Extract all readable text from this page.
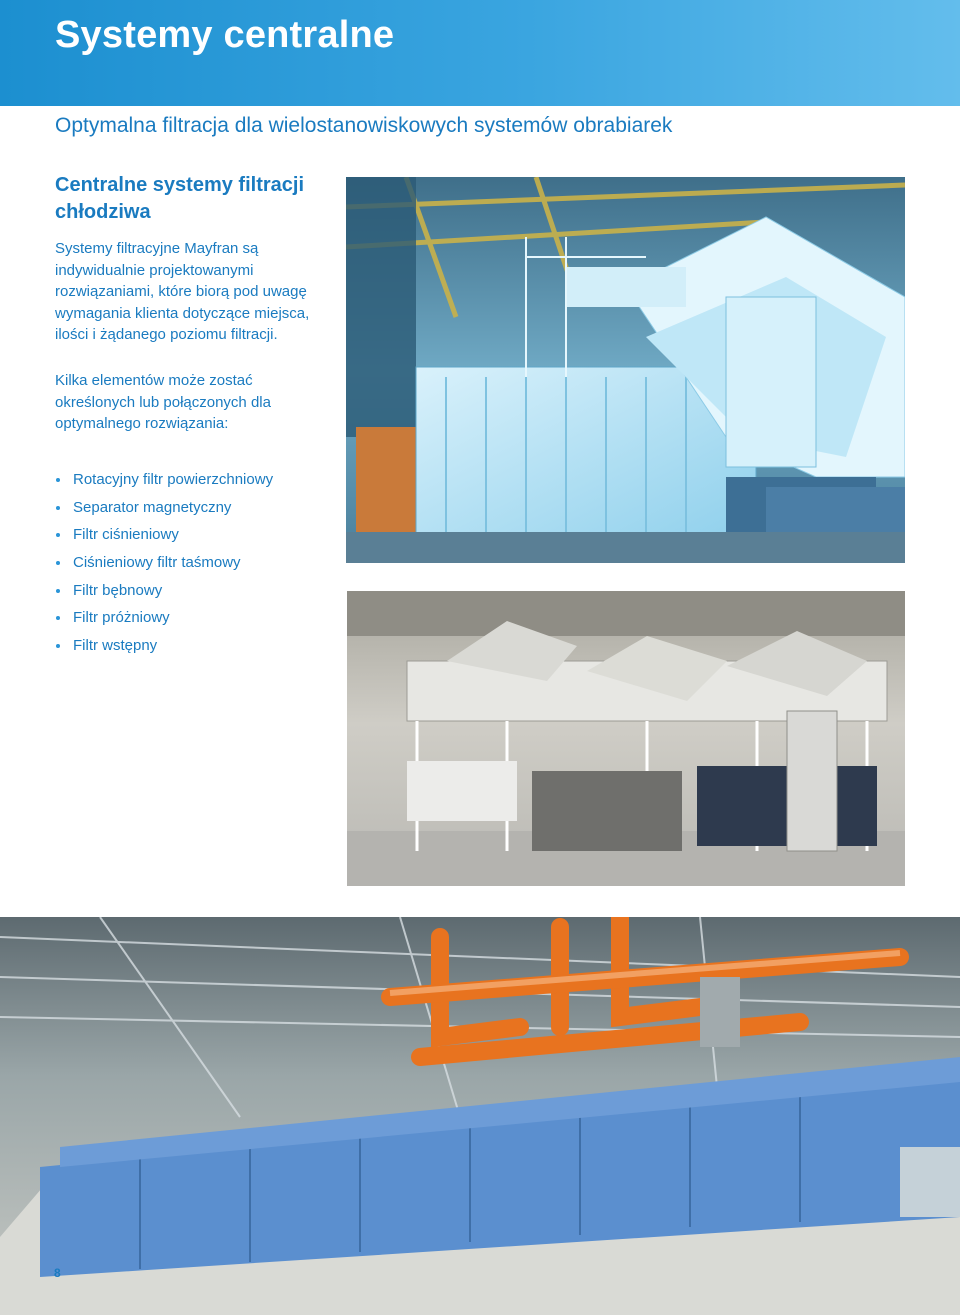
Systemy centralne
Optymalna filtracja dla wielostanowiskowych systemów obrabiarek
Centralne systemy filtracji chłodziwa

Systemy filtracyjne Mayfran są indywidualnie projektowanymi rozwiązaniami, które biorą pod uwagę wymagania klienta dotyczące miejsca, ilości i żądanego poziomu filtracji.

Kilka elementów może zostać określonych lub połączonych dla optymalnego rozwiązania:

Rotacyjny filtr powierzchniowy
Separator magnetyczny
Filtr ciśnieniowy
Ciśnieniowy filtr taśmowy
Filtr bębnowy
Filtr próżniowy
Filtr wstępny
8
